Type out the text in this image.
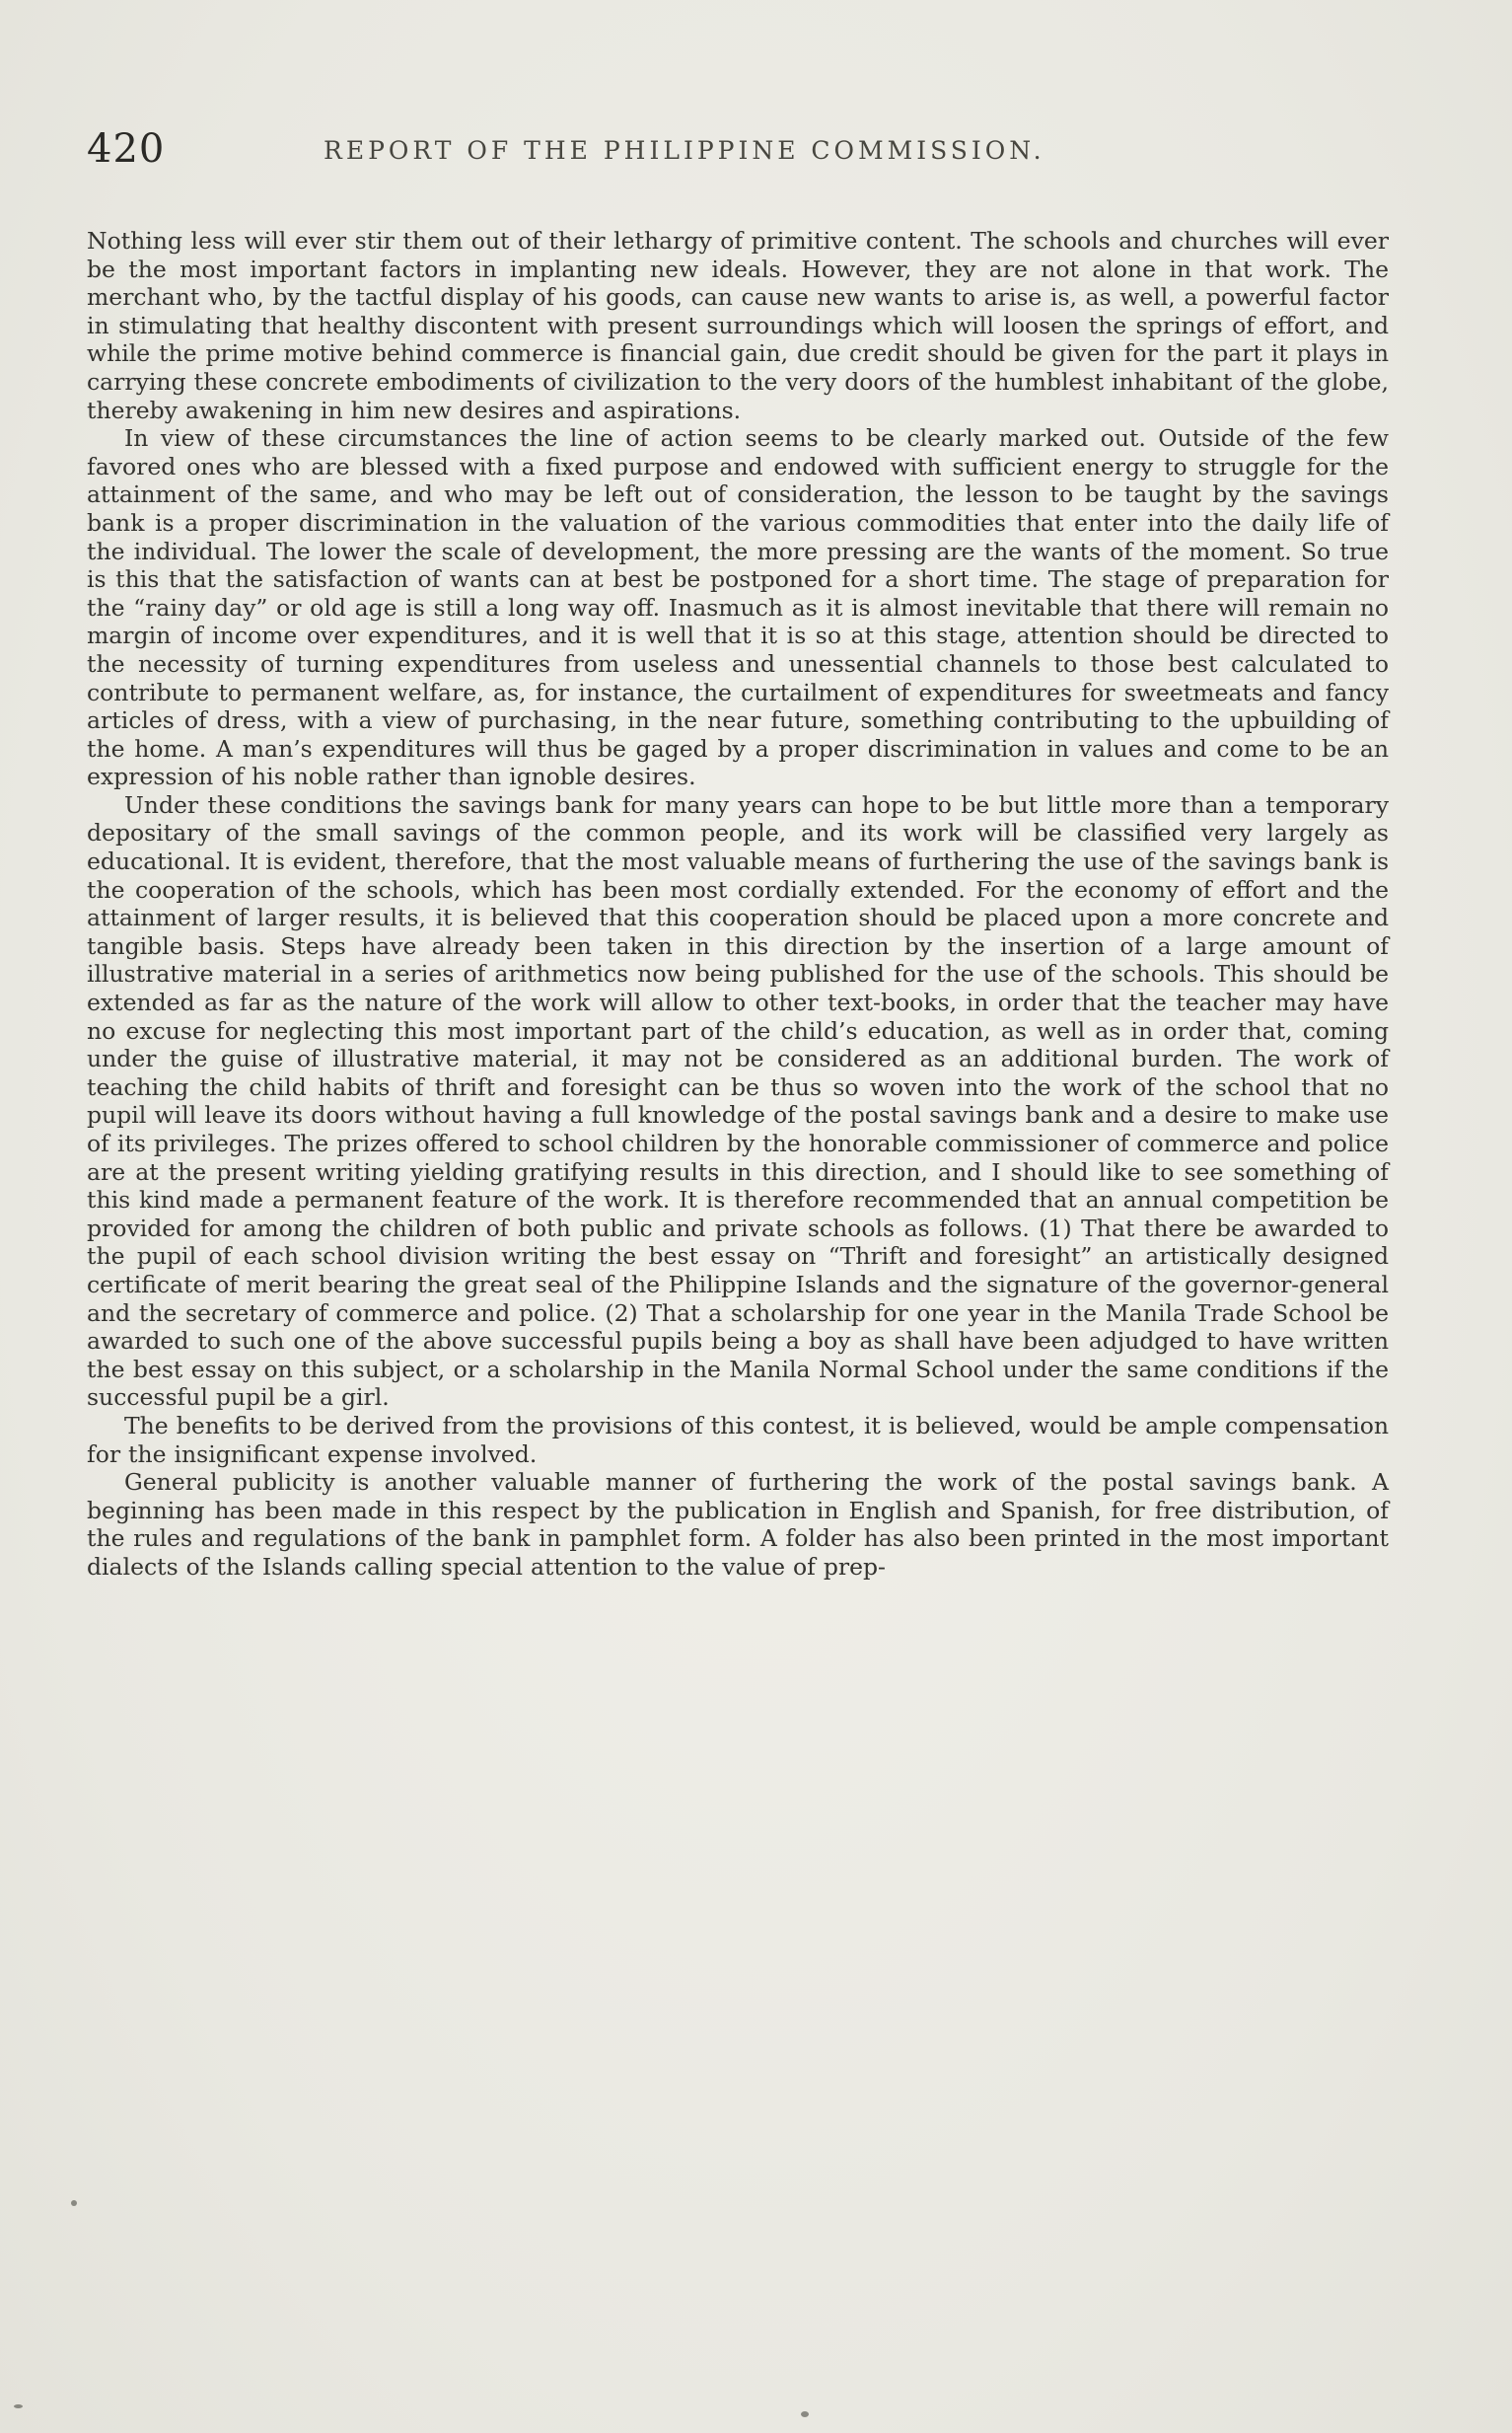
420	REPORT OF THE PHILIPPINE COMMISSION.

Nothing less will ever stir them out of their lethargy of primitive content. The schools and churches will ever be the most important factors in implanting new ideals. However, they are not alone in that work. The merchant who, by the tactful display of his goods, can cause new wants to arise is, as well, a powerful factor in stimulating that healthy discontent with present surroundings which will loosen the springs of effort, and while the prime motive behind commerce is financial gain, due credit should be given for the part it plays in carrying these concrete embodiments of civilization to the very doors of the humblest inhabitant of the globe, thereby awakening in him new desires and aspirations.

In view of these circumstances the line of action seems to be clearly marked out. Outside of the few favored ones who are blessed with a fixed purpose and endowed with sufficient energy to struggle for the attainment of the same, and who may be left out of consideration, the lesson to be taught by the savings bank is a proper discrimination in the valuation of the various commodities that enter into the daily life of the individual. The lower the scale of development, the more pressing are the wants of the moment. So true is this that the satisfaction of wants can at best be postponed for a short time. The stage of preparation for the “rainy day” or old age is still a long way off. Inasmuch as it is almost inevitable that there will remain no margin of income over expenditures, and it is well that it is so at this stage, attention should be directed to the necessity of turning expenditures from useless and unessential channels to those best calculated to contribute to permanent welfare, as, for instance, the curtailment of expenditures for sweetmeats and fancy articles of dress, with a view of purchasing, in the near future, something contributing to the upbuilding of the home. A man’s expenditures will thus be gaged by a proper discrimination in values and come to be an expression of his noble rather than ignoble desires.

Under these conditions the savings bank for many years can hope to be but little more than a temporary depositary of the small savings of the common people, and its work will be classified very largely as educational. It is evident, therefore, that the most valuable means of furthering the use of the savings bank is the cooperation of the schools, which has been most cordially extended. For the economy of effort and the attainment of larger results, it is believed that this cooperation should be placed upon a more concrete and tangible basis. Steps have already been taken in this direction by the insertion of a large amount of illustrative material in a series of arithmetics now being published for the use of the schools. This should be extended as far as the nature of the work will allow to other text-books, in order that the teacher may have no excuse for neglecting this most important part of the child’s education, as well as in order that, coming under the guise of illustrative material, it may not be considered as an additional burden. The work of teaching the child habits of thrift and foresight can be thus so woven into the work of the school that no pupil will leave its doors without having a full knowledge of the postal savings bank and a desire to make use of its privileges. The prizes offered to school children by the honorable commissioner of commerce and police are at the present writing yielding gratifying results in this direction, and I should like to see something of this kind made a permanent feature of the work. It is therefore recommended that an annual competition be provided for among the children of both public and private schools as follows. (1) That there be awarded to the pupil of each school division writing the best essay on “Thrift and foresight” an artistically designed certificate of merit bearing the great seal of the Philippine Islands and the signature of the governor-general and the secretary of commerce and police. (2) That a scholarship for one year in the Manila Trade School be awarded to such one of the above successful pupils being a boy as shall have been adjudged to have written the best essay on this subject, or a scholarship in the Manila Normal School under the same conditions if the successful pupil be a girl.

The benefits to be derived from the provisions of this contest, it is believed, would be ample compensation for the insignificant expense involved.

General publicity is another valuable manner of furthering the work of the postal savings bank. A beginning has been made in this respect by the publication in English and Spanish, for free distribution, of the rules and regulations of the bank in pamphlet form. A folder has also been printed in the most important dialects of the Islands calling special attention to the value of prep-
